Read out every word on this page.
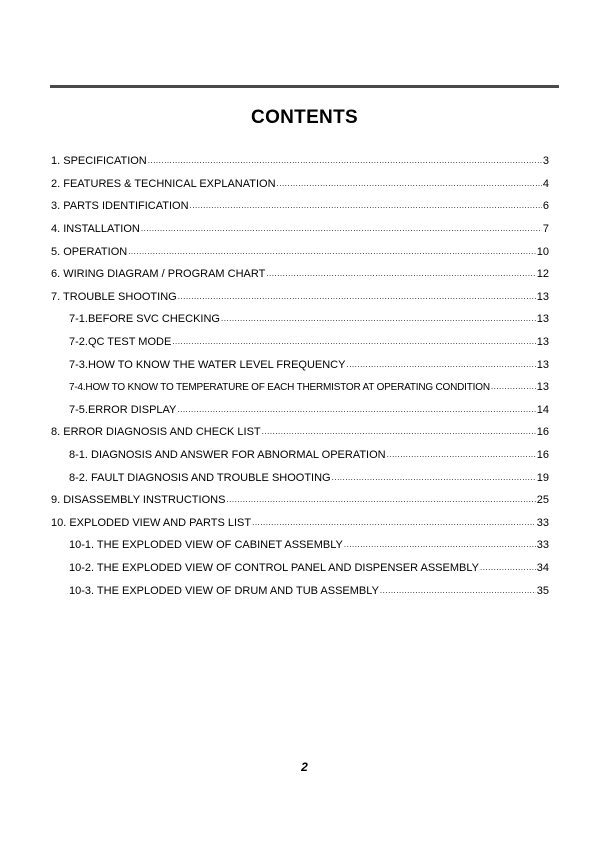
CONTENTS
1. SPECIFICATION .....	3
2. FEATURES & TECHNICAL EXPLANATION .....	4
3. PARTS IDENTIFICATION .....	6
4. INSTALLATION .....	7
5. OPERATION .....	10
6. WIRING DIAGRAM / PROGRAM CHART .....	12
7. TROUBLE SHOOTING .....	13
7-1.BEFORE SVC CHECKING .....	13
7-2.QC TEST MODE .....	13
7-3.HOW TO KNOW THE WATER LEVEL FREQUENCY .....	13
7-4.HOW TO KNOW TO TEMPERATURE OF EACH THERMISTOR AT OPERATING CONDITION .....	13
7-5.ERROR DISPLAY .....	14
8. ERROR DIAGNOSIS AND CHECK LIST .....	16
8-1. DIAGNOSIS AND ANSWER FOR ABNORMAL OPERATION .....	16
8-2. FAULT DIAGNOSIS AND TROUBLE SHOOTING .....	19
9. DISASSEMBLY INSTRUCTIONS .....	25
10. EXPLODED VIEW AND PARTS LIST .....	33
10-1. THE EXPLODED VIEW OF CABINET ASSEMBLY .....	33
10-2. THE EXPLODED VIEW OF CONTROL PANEL AND DISPENSER ASSEMBLY .....	34
10-3. THE EXPLODED VIEW OF DRUM AND TUB ASSEMBLY .....	35
2
